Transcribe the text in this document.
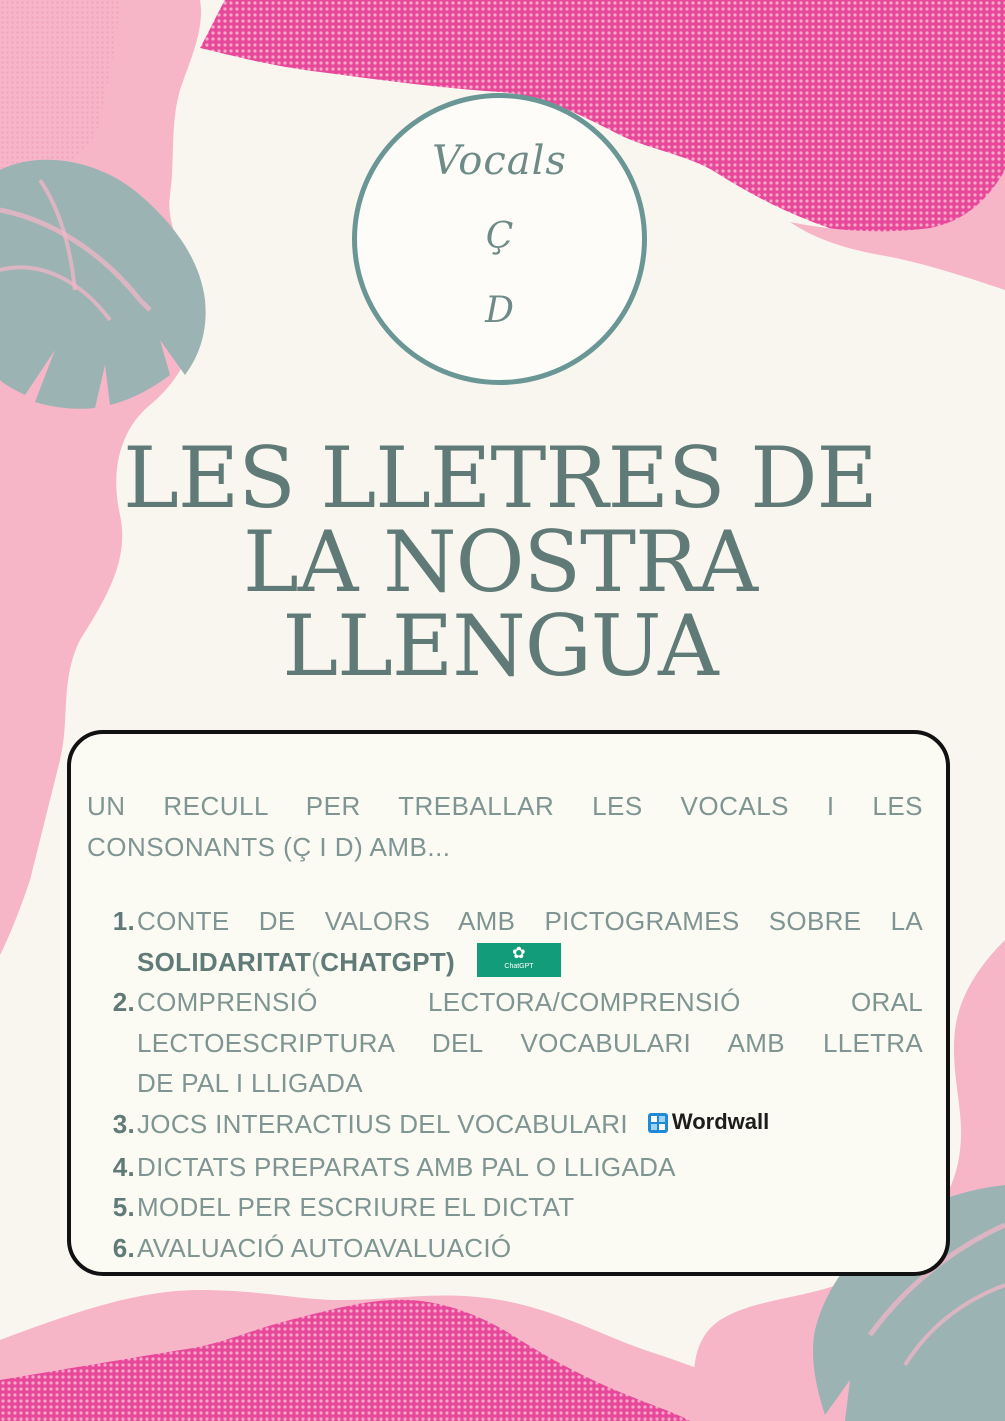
Vocals
Ç
D
LES LLETRES DE
LA NOSTRA
LLENGUA
UN RECULL PER TREBALLAR LES VOCALS I LES
CONSONANTS (Ç I D) AMB...
1. CONTE DE VALORS AMB PICTOGRAMES SOBRE LA
SOLIDARITAT(CHATGPT)	✿
ChatGPT
2. COMPRENSIÓ LECTORA/COMPRENSIÓ ORAL
LECTOESCRIPTURA DEL VOCABULARI AMB LLETRA
DE PAL I LLIGADA
3. JOCS INTERACTIUS DEL VOCABULARI Wordwall
4. DICTATS PREPARATS AMB PAL O LLIGADA
5. MODEL PER ESCRIURE EL DICTAT
6. AVALUACIÓ AUTOAVALUACIÓ
